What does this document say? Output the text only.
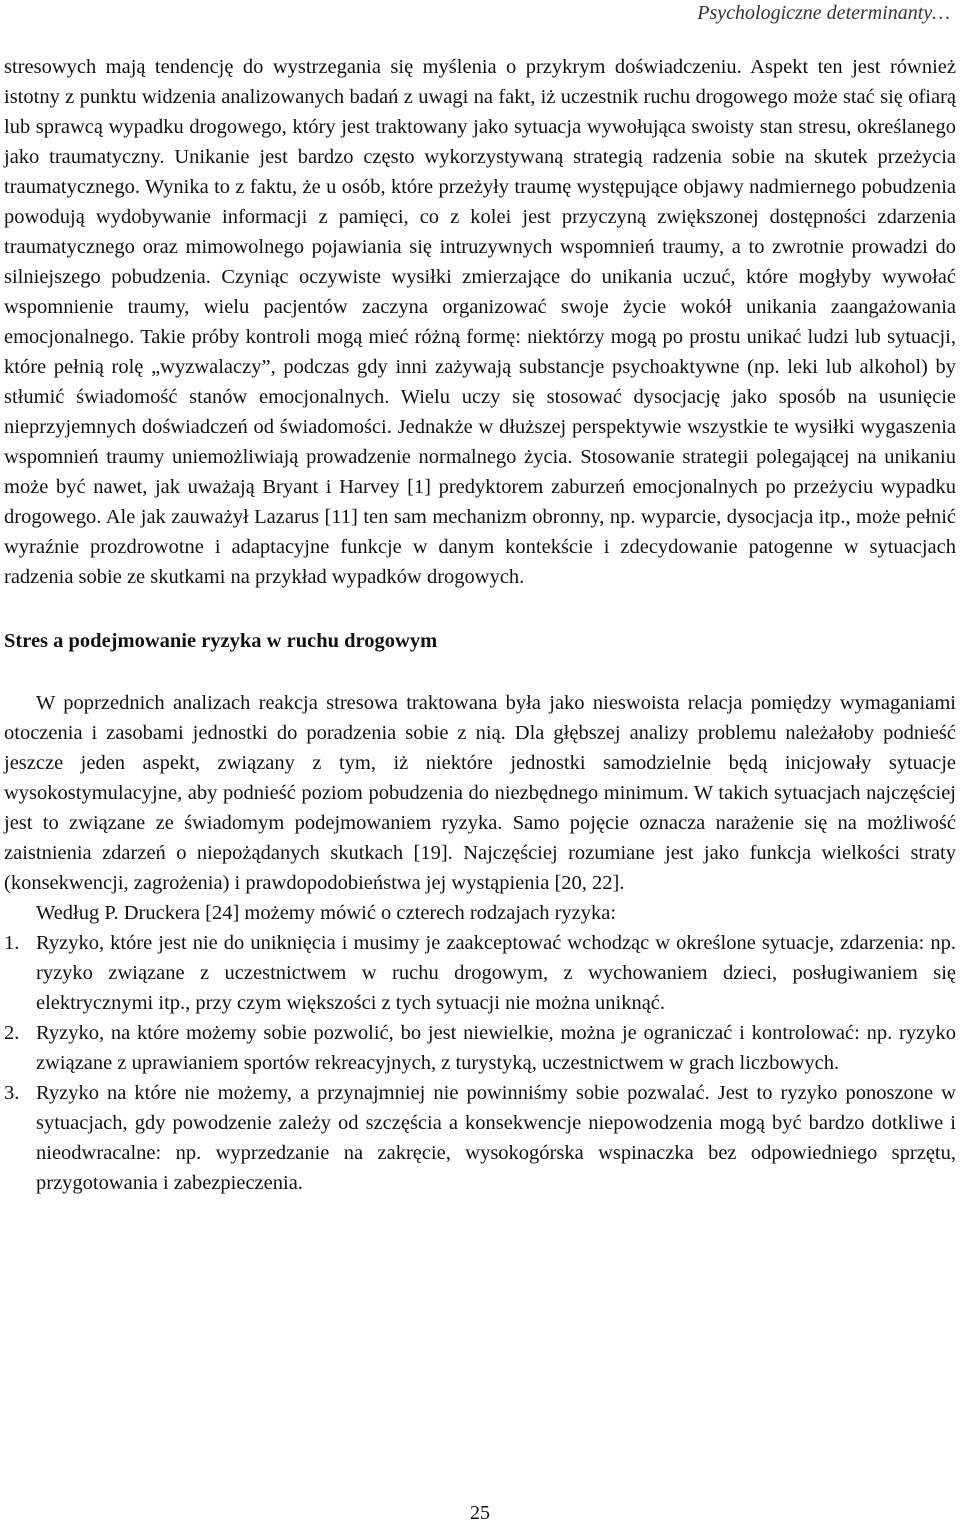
Psychologiczne determinanty…

stresowych mają tendencję do wystrzegania się myślenia o przykrym doświadczeniu. Aspekt ten jest również istotny z punktu widzenia analizowanych badań z uwagi na fakt, iż uczestnik ruchu drogowego może stać się ofiarą lub sprawcą wypadku drogowego, który jest traktowany jako sytuacja wywołująca swoisty stan stresu, określanego jako traumatyczny. Unikanie jest bardzo często wykorzystywaną strategią radzenia sobie na skutek przeżycia traumatycznego. Wynika to z faktu, że u osób, które przeżyły traumę występujące objawy nadmiernego pobudzenia powodują wydobywanie informacji z pamięci, co z kolei jest przyczyną zwiększonej dostępności zdarzenia traumatycznego oraz mimowolnego pojawiania się intruzywnych wspomnień traumy, a to zwrotnie prowadzi do silniejszego pobudzenia. Czyniąc oczywiste wysiłki zmierzające do unikania uczuć, które mogłyby wywołać wspomnienie traumy, wielu pacjentów zaczyna organizować swoje życie wokół unikania zaangażowania emocjonalnego. Takie próby kontroli mogą mieć różną formę: niektórzy mogą po prostu unikać ludzi lub sytuacji, które pełnią rolę „wyzwalaczy”, podczas gdy inni zażywają substancje psychoaktywne (np. leki lub alkohol) by stłumić świadomość stanów emocjonalnych. Wielu uczy się stosować dysocjację jako sposób na usunięcie nieprzyjemnych doświadczeń od świadomości. Jednakże w dłuższej perspektywie wszystkie te wysiłki wygaszenia wspomnień traumy uniemożliwiają prowadzenie normalnego życia. Stosowanie strategii polegającej na unikaniu może być nawet, jak uważają Bryant i Harvey [1] predyktorem zaburzeń emocjonalnych po przeżyciu wypadku drogowego. Ale jak zauważył Lazarus [11] ten sam mechanizm obronny, np. wyparcie, dysocjacja itp., może pełnić wyraźnie prozdrowotne i adaptacyjne funkcje w danym kontekście i zdecydowanie patogenne w sytuacjach radzenia sobie ze skutkami na przykład wypadków drogowych.

Stres a podejmowanie ryzyka w ruchu drogowym

W poprzednich analizach reakcja stresowa traktowana była jako nieswoista relacja pomiędzy wymaganiami otoczenia i zasobami jednostki do poradzenia sobie z nią. Dla głębszej analizy problemu należałoby podnieść jeszcze jeden aspekt, związany z tym, iż niektóre jednostki samodzielnie będą inicjowały sytuacje wysokostymulacyjne, aby podnieść poziom pobudzenia do niezbędnego minimum. W takich sytuacjach najczęściej jest to związane ze świadomym podejmowaniem ryzyka. Samo pojęcie oznacza narażenie się na możliwość zaistnienia zdarzeń o niepożądanych skutkach [19]. Najczęściej rozumiane jest jako funkcja wielkości straty (konsekwencji, zagrożenia) i prawdopodobieństwa jej wystąpienia [20, 22].

Według P. Druckera [24] możemy mówić o czterech rodzajach ryzyka:

1. Ryzyko, które jest nie do uniknięcia i musimy je zaakceptować wchodząc w określone sytuacje, zdarzenia: np. ryzyko związane z uczestnictwem w ruchu drogowym, z wychowaniem dzieci, posługiwaniem się elektrycznymi itp., przy czym większości z tych sytuacji nie można uniknąć.
2. Ryzyko, na które możemy sobie pozwolić, bo jest niewielkie, można je ograniczać i kontrolować: np. ryzyko związane z uprawianiem sportów rekreacyjnych, z turystyką, uczestnictwem w grach liczbowych.
3. Ryzyko na które nie możemy, a przynajmniej nie powinniśmy sobie pozwalać. Jest to ryzyko ponoszone w sytuacjach, gdy powodzenie zależy od szczęścia a konsekwencje niepowodzenia mogą być bardzo dotkliwe i nieodwracalne: np. wyprzedzanie na zakręcie, wysokogórska wspinaczka bez odpowiedniego sprzętu, przygotowania i zabezpieczenia.
25
